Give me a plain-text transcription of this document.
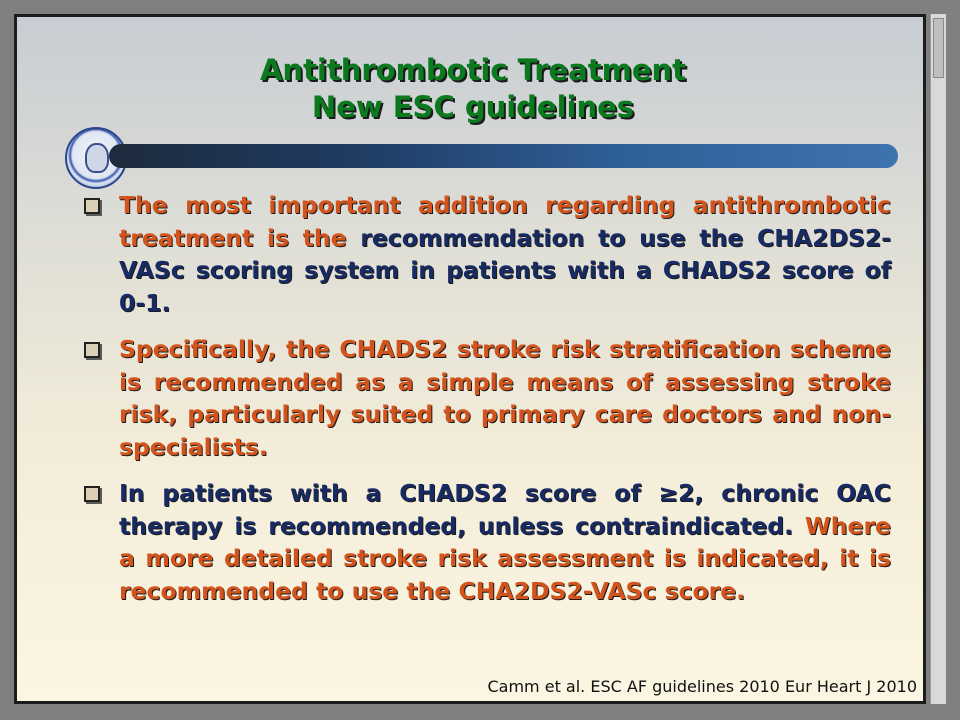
Antithrombotic Treatment
New ESC guidelines
The most important addition regarding antithrombotic treatment is the recommendation to use the CHA2DS2-VASc scoring system in patients with a CHADS2 score of 0-1.
Specifically, the CHADS2 stroke risk stratification scheme is recommended as a simple means of assessing stroke risk, particularly suited to primary care doctors and non-specialists.
In patients with a CHADS2 score of ≥2, chronic OAC therapy is recommended, unless contraindicated. Where a more detailed stroke risk assessment is indicated, it is recommended to use the CHA2DS2-VASc score.
Camm et al. ESC AF guidelines 2010 Eur Heart J 2010
